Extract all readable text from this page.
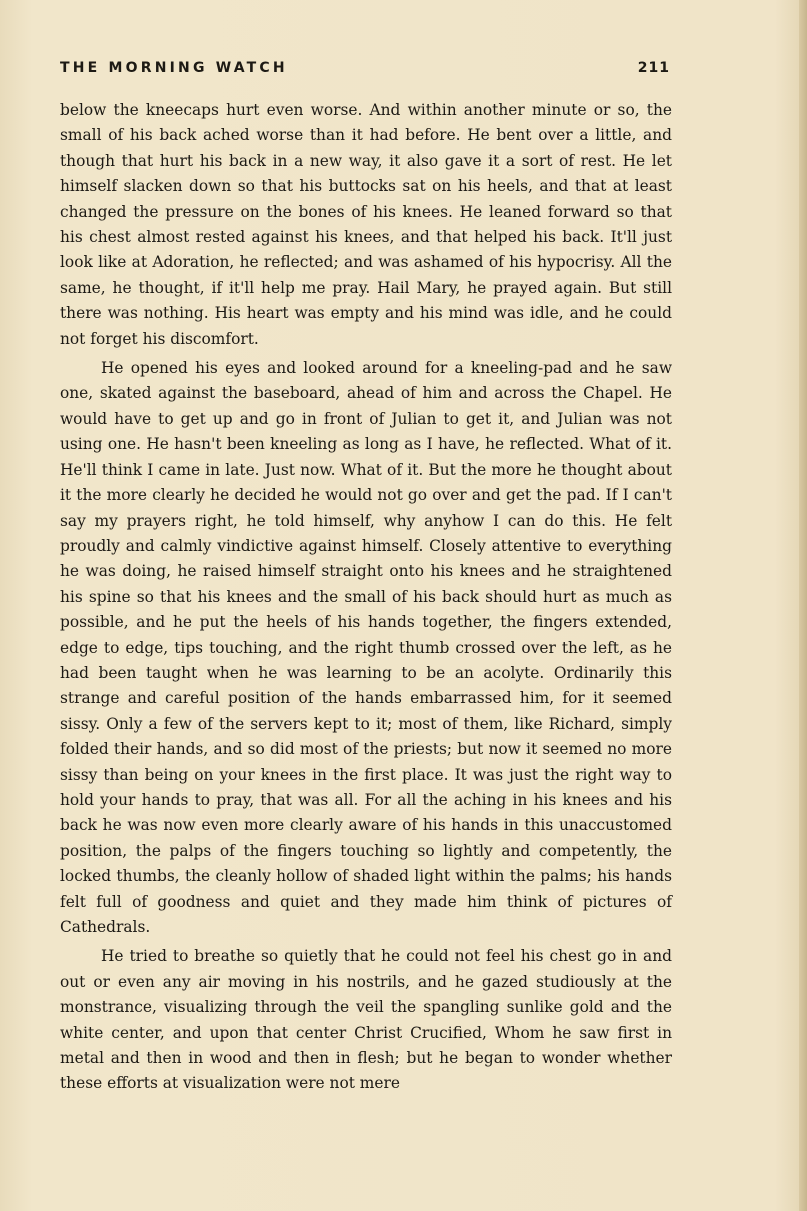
THE MORNING WATCH	211

below the kneecaps hurt even worse. And within another minute or so, the small of his back ached worse than it had before. He bent over a little, and though that hurt his back in a new way, it also gave it a sort of rest. He let himself slacken down so that his buttocks sat on his heels, and that at least changed the pressure on the bones of his knees. He leaned forward so that his chest almost rested against his knees, and that helped his back. It'll just look like at Adoration, he reflected; and was ashamed of his hypocrisy. All the same, he thought, if it'll help me pray. Hail Mary, he prayed again. But still there was nothing. His heart was empty and his mind was idle, and he could not forget his discomfort.

He opened his eyes and looked around for a kneeling-pad and he saw one, skated against the baseboard, ahead of him and across the Chapel. He would have to get up and go in front of Julian to get it, and Julian was not using one. He hasn't been kneeling as long as I have, he reflected. What of it. He'll think I came in late. Just now. What of it. But the more he thought about it the more clearly he decided he would not go over and get the pad. If I can't say my prayers right, he told himself, why anyhow I can do this. He felt proudly and calmly vindictive against himself. Closely attentive to everything he was doing, he raised himself straight onto his knees and he straightened his spine so that his knees and the small of his back should hurt as much as possible, and he put the heels of his hands together, the fingers extended, edge to edge, tips touching, and the right thumb crossed over the left, as he had been taught when he was learning to be an acolyte. Ordinarily this strange and careful position of the hands embarrassed him, for it seemed sissy. Only a few of the servers kept to it; most of them, like Richard, simply folded their hands, and so did most of the priests; but now it seemed no more sissy than being on your knees in the first place. It was just the right way to hold your hands to pray, that was all. For all the aching in his knees and his back he was now even more clearly aware of his hands in this unaccustomed position, the palps of the fingers touching so lightly and competently, the locked thumbs, the cleanly hollow of shaded light within the palms; his hands felt full of goodness and quiet and they made him think of pictures of Cathedrals.

He tried to breathe so quietly that he could not feel his chest go in and out or even any air moving in his nostrils, and he gazed studiously at the monstrance, visualizing through the veil the spangling sunlike gold and the white center, and upon that center Christ Crucified, Whom he saw first in metal and then in wood and then in flesh; but he began to wonder whether these efforts at visualization were not mere
